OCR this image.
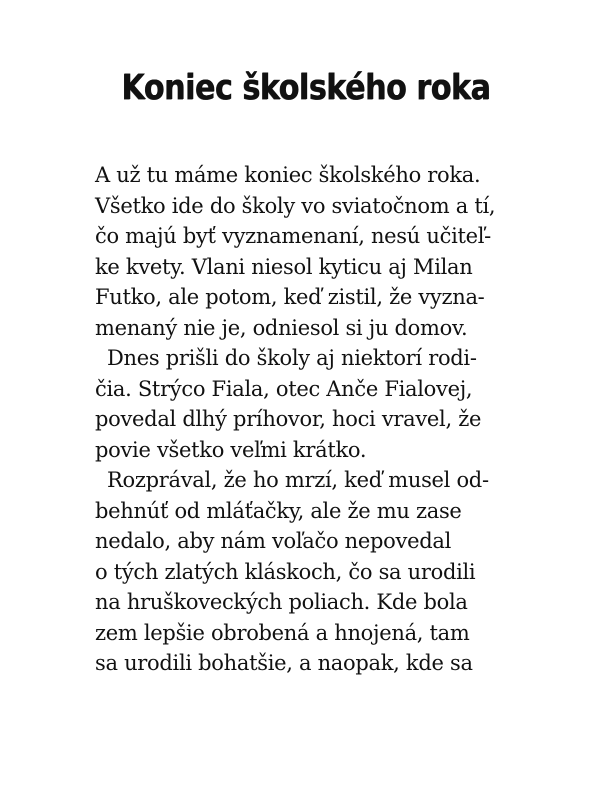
Koniec školského roka
A už tu máme koniec školského roka.
Všetko ide do školy vo sviatočnom a tí,
čo majú byť vyznamenaní, nesú učiteľ-
ke kvety. Vlani niesol kyticu aj Milan
Futko, ale potom, keď zistil, že vyzna-
menaný nie je, odniesol si ju domov.
Dnes prišli do školy aj niektorí rodi-
čia. Strýco Fiala, otec Anče Fialovej,
povedal dlhý príhovor, hoci vravel, že
povie všetko veľmi krátko.
Rozprával, že ho mrzí, keď musel od-
behnúť od mláťačky, ale že mu zase
nedalo, aby nám voľačo nepovedal
o tých zlatých kláskoch, čo sa urodili
na hruškoveckých poliach. Kde bola
zem lepšie obrobená a hnojená, tam
sa urodili bohatšie, a naopak, kde sa
